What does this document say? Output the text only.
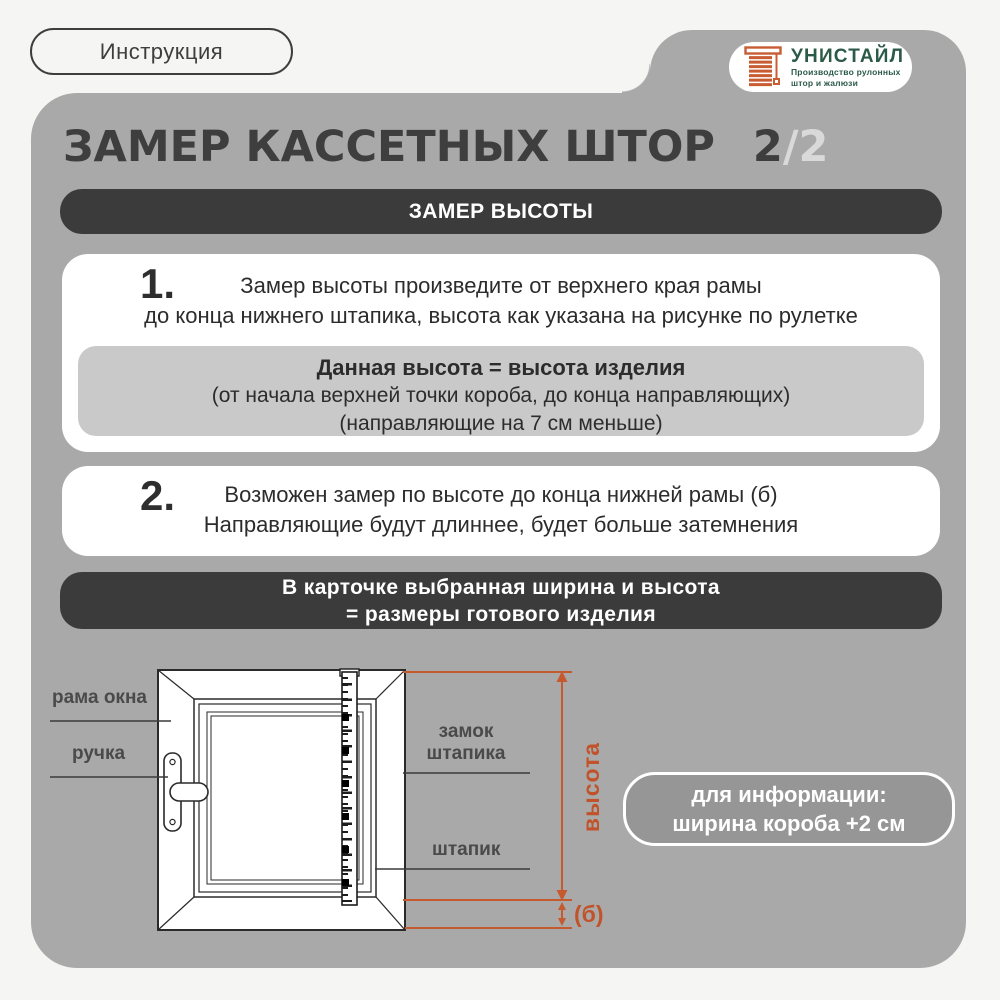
Инструкция	УНИСТАЙЛ
Производство рулонных
штор и жалюзи
ЗАМЕР КАССЕТНЫХ ШТОР 2 /2
ЗАМЕР ВЫСОТЫ
1.	Замер высоты произведите от верхнего края рамы
до конца нижнего штапика, высота как указана на рисунке по рулетке
Данная высота = высота изделия
(от начала верхней точки короба, до конца направляющих)
(направляющие на 7 см меньше)
2.	Возможен замер по высоте до конца нижней рамы (б)
Направляющие будут длиннее, будет больше затемнения
В карточке выбранная ширина и высота
= размеры готового изделия
рама окна
ручка
замок штапика
штапик
высота
(б)
для информации:
ширина короба +2 см
